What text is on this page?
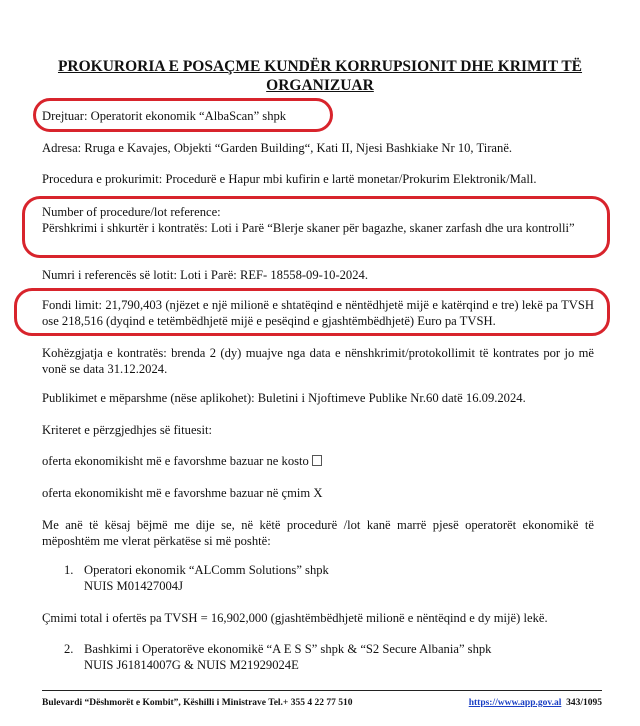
PROKURORIA E POSAÇME KUNDËR KORRUPSIONIT DHE KRIMIT TË ORGANIZUAR
Drejtuar: Operatorit ekonomik “AlbaScan” shpk
Adresa: Rruga e Kavajes, Objekti “Garden Building“, Kati II, Njesi Bashkiake Nr 10, Tiranë.
Procedura e prokurimit: Procedurë e Hapur mbi kufirin e lartë monetar/Prokurim Elektronik/Mall.
Number of procedure/lot reference:
Përshkrimi i shkurtër i kontratës: Loti i Parë “Blerje skaner për bagazhe, skaner zarfash dhe ura kontrolli”
Numri i referencës së lotit: Loti i Parë: REF- 18558-09-10-2024.
Fondi limit: 21,790,403 (njëzet e një milionë e shtatëqind e nëntëdhjetë mijë e katërqind e tre) lekë pa TVSH ose 218,516 (dyqind e tetëmbëdhjetë mijë e pesëqind e gjashtëmbëdhjetë) Euro pa TVSH.
Kohëzgjatja e kontratës: brenda 2 (dy) muajve nga data e nënshkrimit/protokollimit të kontrates por jo më vonë se data 31.12.2024.
Publikimet e mëparshme (nëse aplikohet): Buletini i Njoftimeve Publike Nr.60 datë 16.09.2024.
Kriteret e përzgjedhjes së fituesit:
oferta ekonomikisht më e favorshme bazuar ne kosto
oferta ekonomikisht më e favorshme bazuar në çmim X
Me anë të kësaj bëjmë me dije se, në këtë procedurë /lot kanë marrë pjesë operatorët ekonomikë të mëposhtëm me vlerat përkatëse si më poshtë:
1. Operatori ekonomik “ALComm Solutions” shpk
NUIS M01427004J
Çmimi total i ofertës pa TVSH = 16,902,000 (gjashtëmbëdhjetë milionë e nëntëqind e dy mijë) lekë.
2. Bashkimi i Operatorëve ekonomikë “A E S S” shpk & “S2 Secure Albania” shpk
NUIS J61814007G & NUIS M21929024E
Bulevardi “Dëshmorët e Kombit”, Këshilli i Ministrave Tel.+ 355 4 22 77 510	https://www.app.gov.al 343/1095
